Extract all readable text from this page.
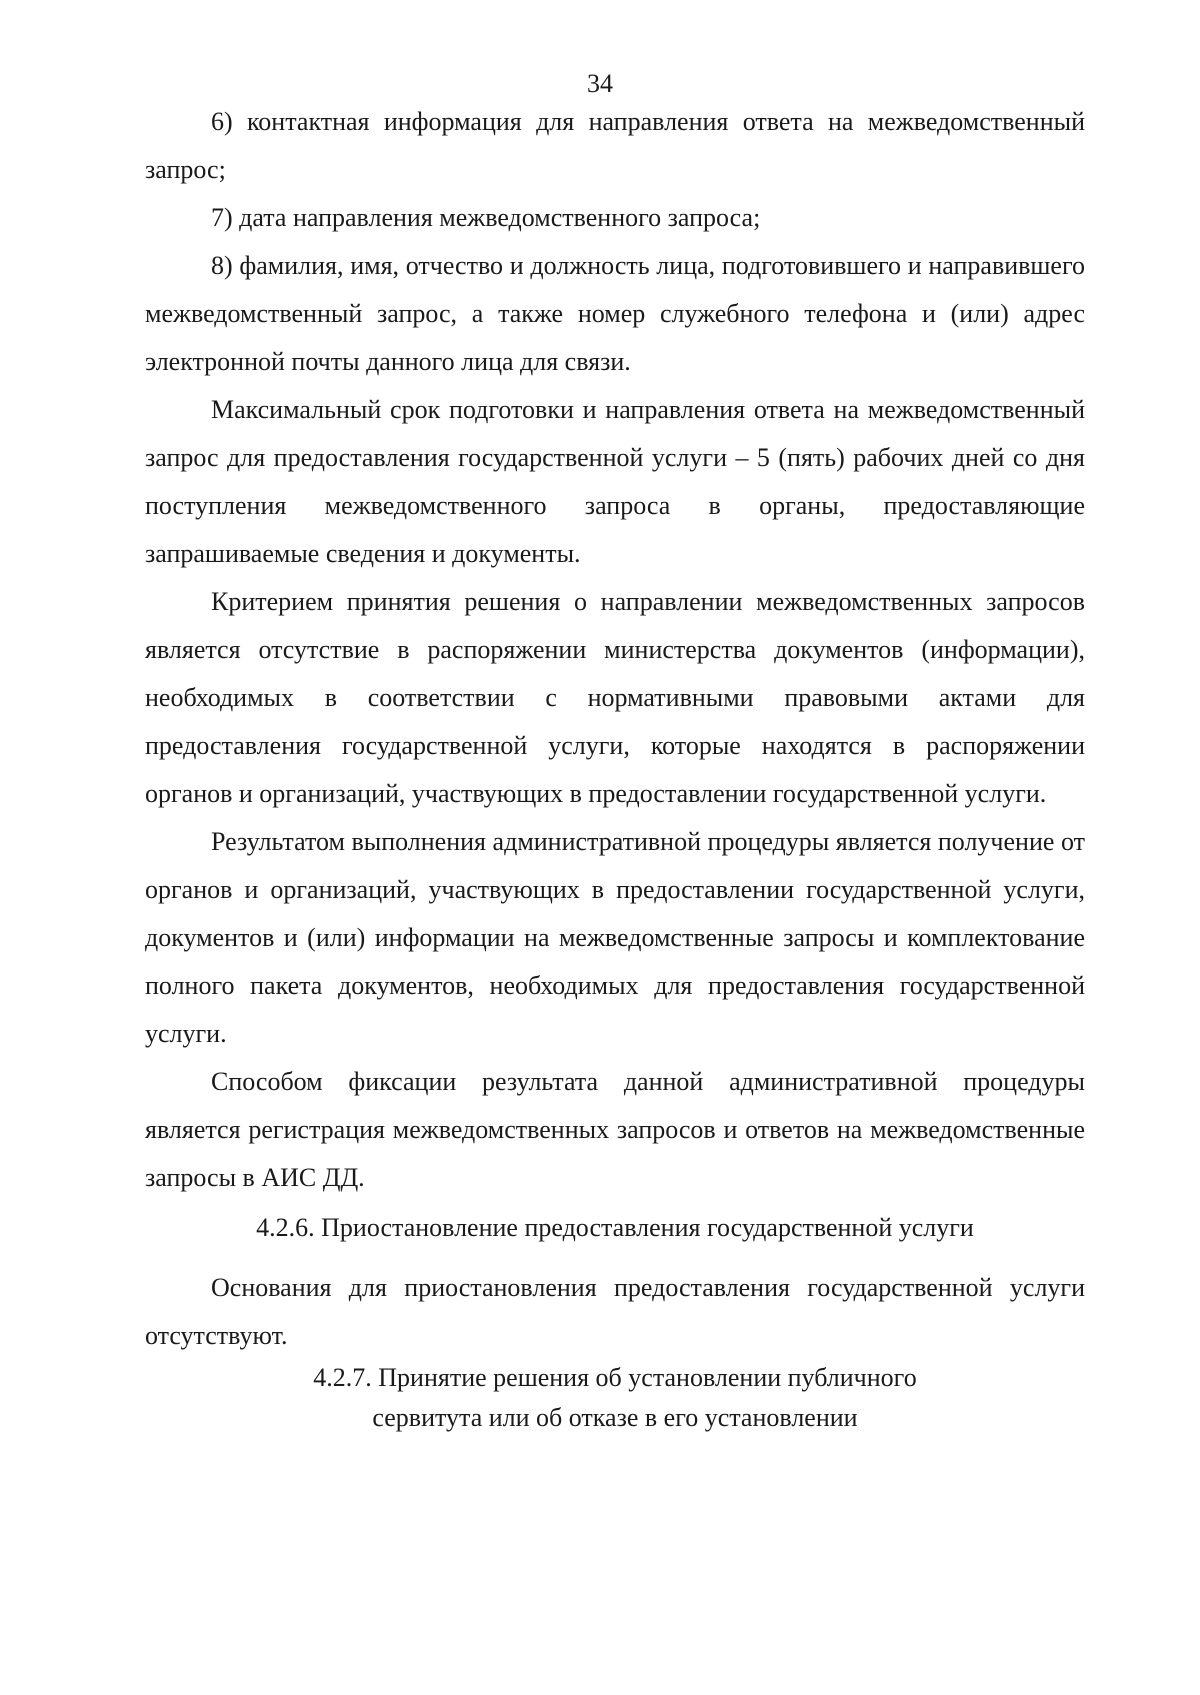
34

6) контактная информация для направления ответа на межведомственный запрос;

7) дата направления межведомственного запроса;

8) фамилия, имя, отчество и должность лица, подготовившего и направившего межведомственный запрос, а также номер служебного телефона и (или) адрес электронной почты данного лица для связи.

Максимальный срок подготовки и направления ответа на межведомственный запрос для предоставления государственной услуги – 5 (пять) рабочих дней со дня поступления межведомственного запроса в органы, предоставляющие запрашиваемые сведения и документы.

Критерием принятия решения о направлении межведомственных запросов является отсутствие в распоряжении министерства документов (информации), необходимых в соответствии с нормативными правовыми актами для предоставления государственной услуги, которые находятся в распоряжении органов и организаций, участвующих в предоставлении государственной услуги.

Результатом выполнения административной процедуры является получение от органов и организаций, участвующих в предоставлении государственной услуги, документов и (или) информации на межведомственные запросы и комплектование полного пакета документов, необходимых для предоставления государственной услуги.

Способом фиксации результата данной административной процедуры является регистрация межведомственных запросов и ответов на межведомственные запросы в АИС ДД.

4.2.6. Приостановление предоставления государственной услуги

Основания для приостановления предоставления государственной услуги отсутствуют.

4.2.7. Принятие решения об установлении публичного
сервитута или об отказе в его установлении
